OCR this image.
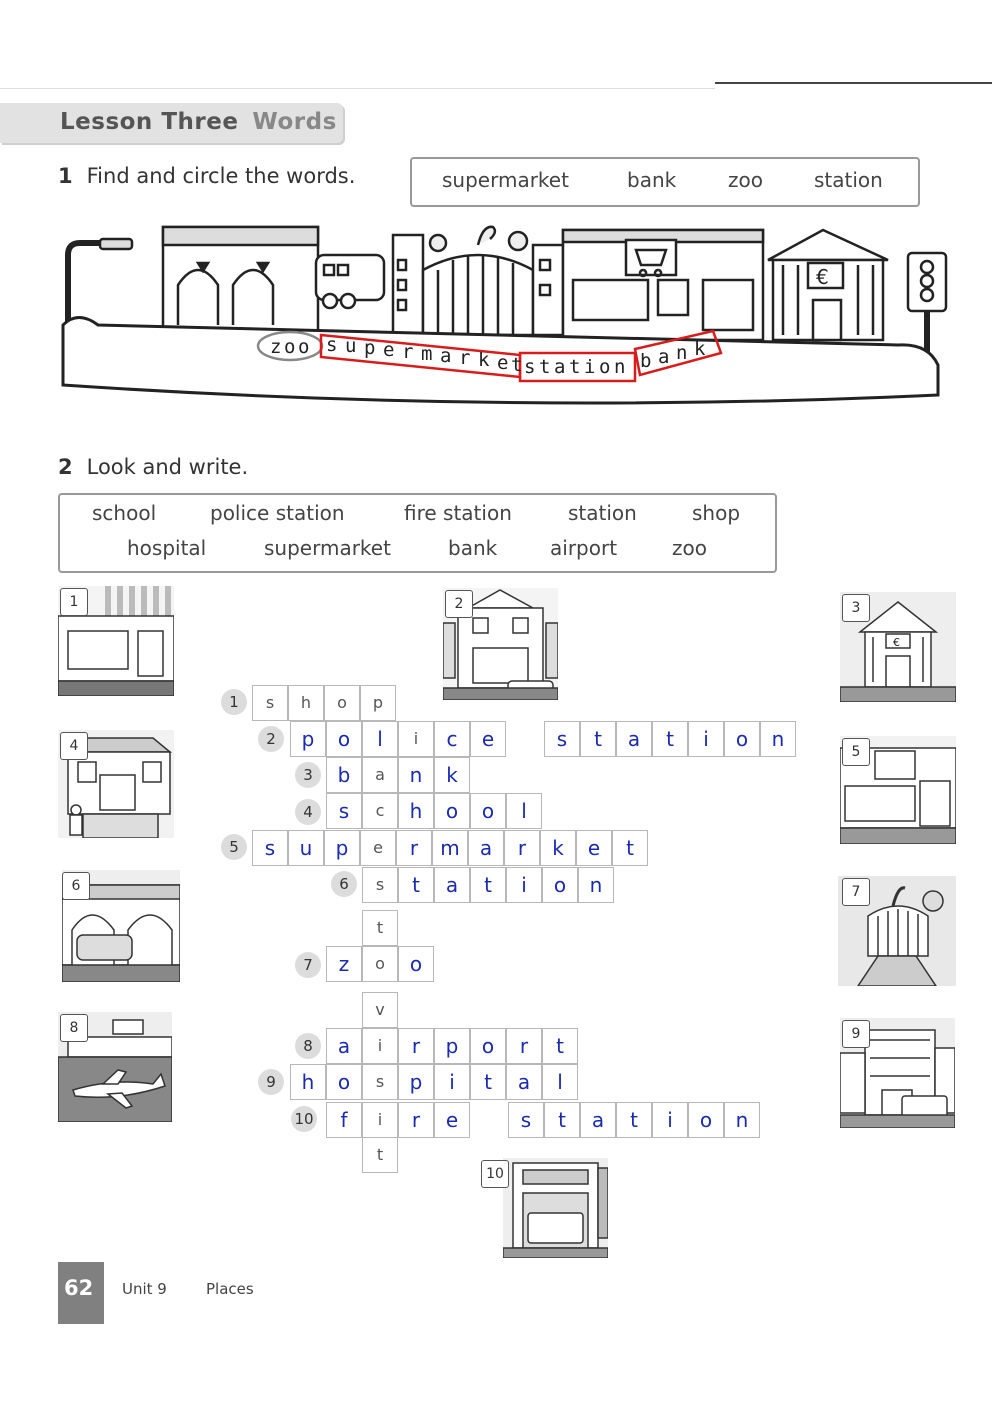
Lesson Three Words
1 Find and circle the words.	supermarket	bank	zoo	station
€
z o o s u p e r m a r k e t s t a t i o n b a n k
2 Look and write.
school	police station	fire station	station	shop
hospital	supermarket	bank	airport	zoo
1	2
€
3
4	5
6	7
8	9
10
1
2
3
4
5
6
7
8
9
10
s	h	o	p
p	o	l	i	c	e	s	t	a	t	i	o	n
b	a	n	k
s	c	h	o	o	l
s	u	p	e	r	m	a	r	k	e	t
s	t	a	t	i	o	n
t
z	o	o
v
a	i	r	p	o	r	t
h	o	s	p	i	t	a	l
f	i	r	e	s	t	a	t	i	o	n
t
62 Unit 9	Places
